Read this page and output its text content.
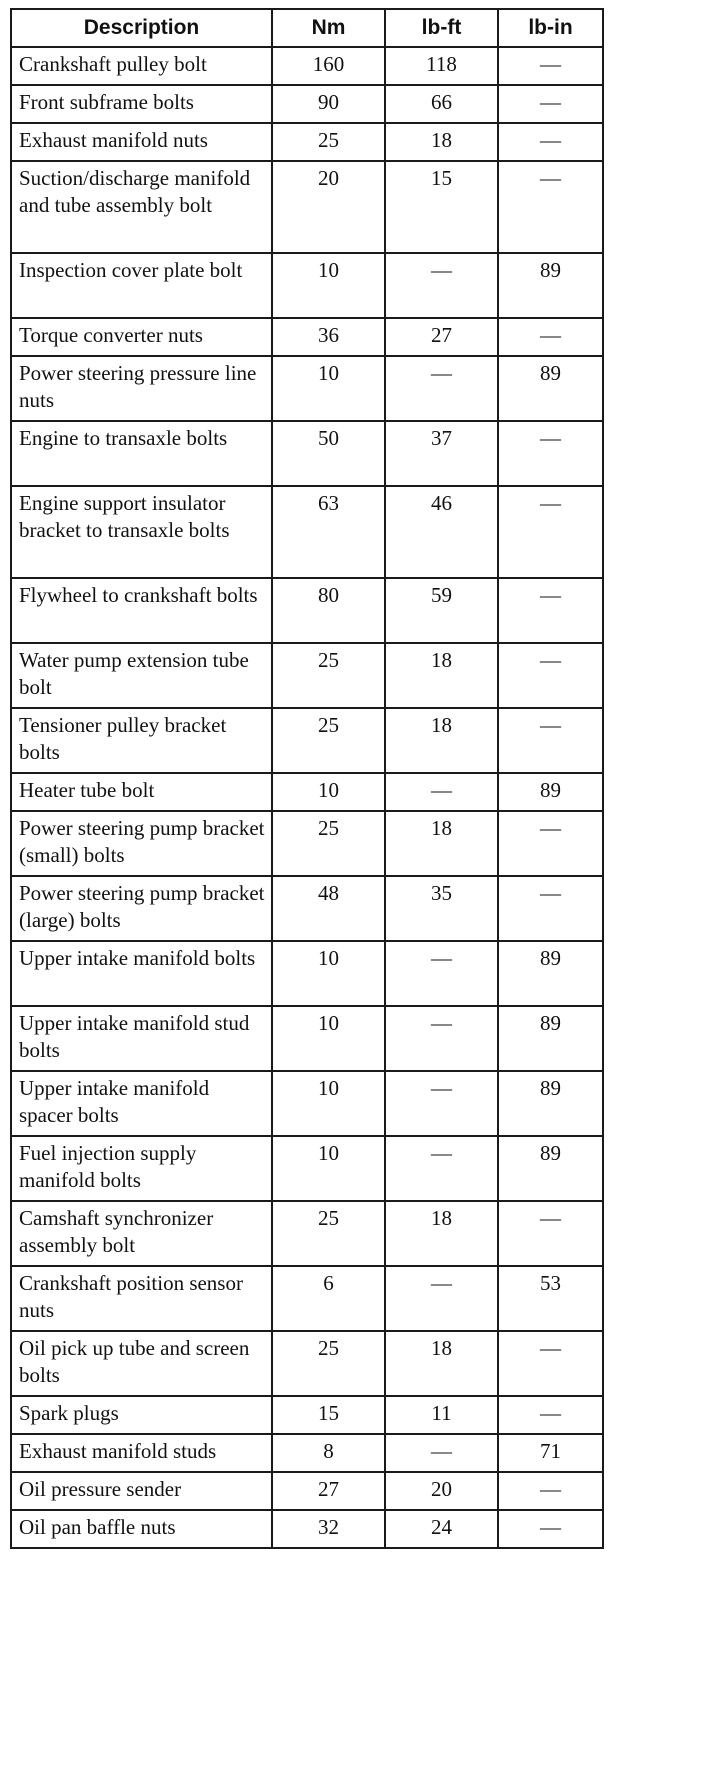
Description	Nm	lb-ft	lb-in
Crankshaft pulley bolt	160	118	—
Front subframe bolts	90	66	—
Exhaust manifold nuts	25	18	—
Suction/discharge manifold and tube assembly bolt	20	15	—
Inspection cover plate bolt	10	—	89
Torque converter nuts	36	27	—
Power steering pressure line nuts	10	—	89
Engine to transaxle bolts	50	37	—
Engine support insulator bracket to transaxle bolts	63	46	—
Flywheel to crankshaft bolts	80	59	—
Water pump extension tube bolt	25	18	—
Tensioner pulley bracket bolts	25	18	—
Heater tube bolt	10	—	89
Power steering pump bracket (small) bolts	25	18	—
Power steering pump bracket (large) bolts	48	35	—
Upper intake manifold bolts	10	—	89
Upper intake manifold stud bolts	10	—	89
Upper intake manifold spacer bolts	10	—	89
Fuel injection supply manifold bolts	10	—	89
Camshaft synchronizer assembly bolt	25	18	—
Crankshaft position sensor nuts	6	—	53
Oil pick up tube and screen bolts	25	18	—
Spark plugs	15	11	—
Exhaust manifold studs	8	—	71
Oil pressure sender	27	20	—
Oil pan baffle nuts	32	24	—
